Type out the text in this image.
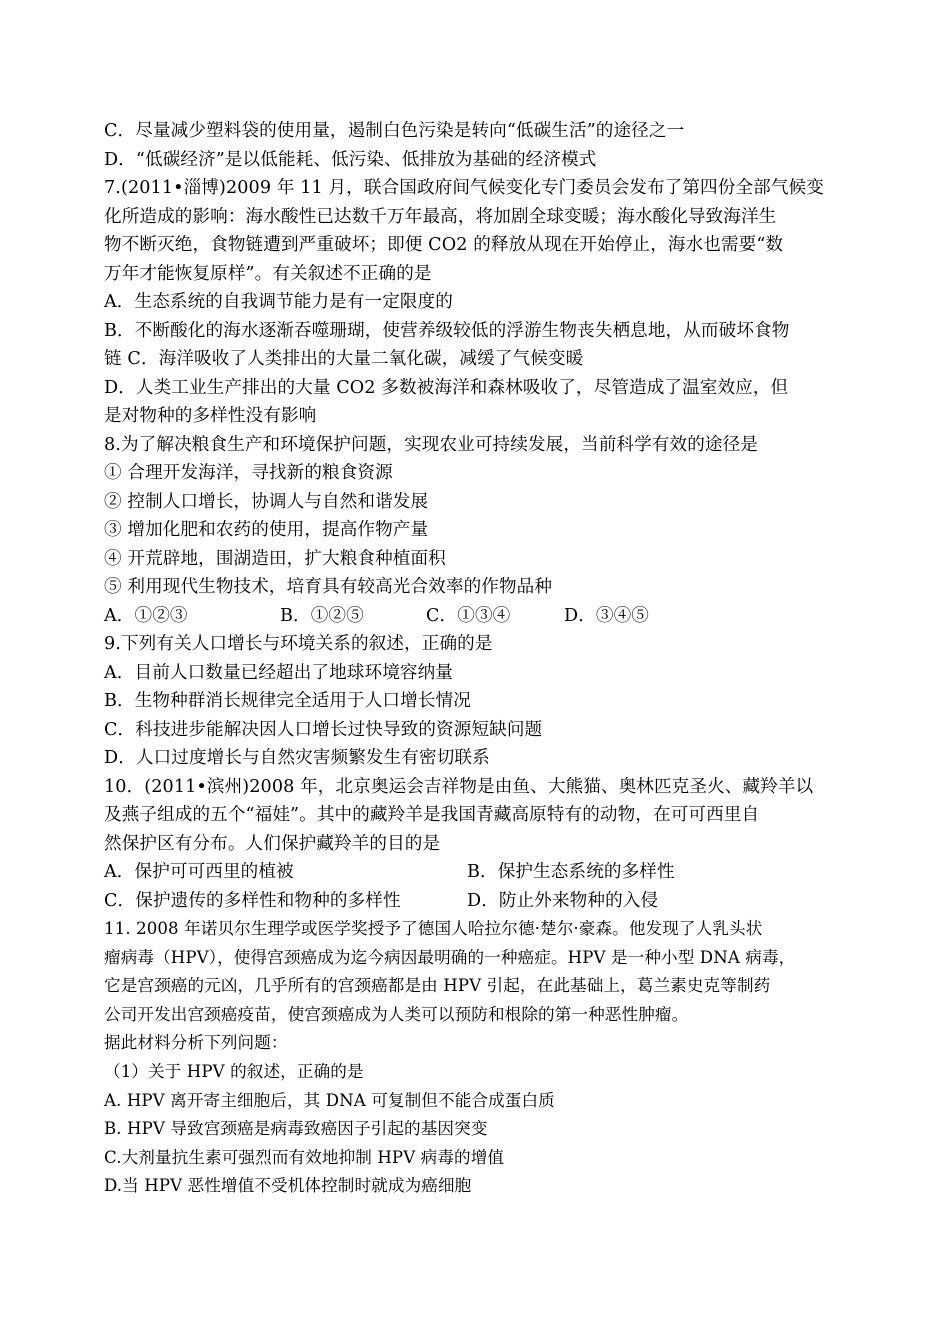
C．尽量减少塑料袋的使用量，遏制白色污染是转向“低碳生活”的途径之一
D．“低碳经济”是以低能耗、低污染、低排放为基础的经济模式
7.(2011•淄博)2009 年 11 月，联合国政府间气候变化专门委员会发布了第四份全部气候变
化所造成的影响：海水酸性已达数千万年最高，将加剧全球变暖；海水酸化导致海洋生
物不断灭绝，食物链遭到严重破坏；即便 CO2 的释放从现在开始停止，海水也需要“数
万年才能恢复原样”。有关叙述不正确的是
A．生态系统的自我调节能力是有一定限度的
B．不断酸化的海水逐渐吞噬珊瑚，使营养级较低的浮游生物丧失栖息地，从而破坏食物
链 C．海洋吸收了人类排出的大量二氧化碳，减缓了气候变暖
D．人类工业生产排出的大量 CO2 多数被海洋和森林吸收了，尽管造成了温室效应，但
是对物种的多样性没有影响
8.为了解决粮食生产和环境保护问题，实现农业可持续发展，当前科学有效的途径是
① 合理开发海洋，寻找新的粮食资源
② 控制人口增长，协调人与自然和谐发展
③ 增加化肥和农药的使用，提高作物产量
④ 开荒辟地，围湖造田，扩大粮食种植面积
⑤ 利用现代生物技术，培育具有较高光合效率的作物品种
A．①②③	B．①②⑤	C．①③④	D．③④⑤
9.下列有关人口增长与环境关系的叙述，正确的是
A．目前人口数量已经超出了地球环境容纳量
B．生物种群消长规律完全适用于人口增长情况
C．科技进步能解决因人口增长过快导致的资源短缺问题
D．人口过度增长与自然灾害频繁发生有密切联系
10．(2011•滨州)2008 年，北京奥运会吉祥物是由鱼、大熊猫、奥林匹克圣火、藏羚羊以
及燕子组成的五个“福娃”。其中的藏羚羊是我国青藏高原特有的动物，在可可西里自
然保护区有分布。人们保护藏羚羊的目的是
A．保护可可西里的植被	B．保护生态系统的多样性
C．保护遗传的多样性和物种的多样性	D．防止外来物种的入侵
11. 2008 年诺贝尔生理学或医学奖授予了德国人哈拉尔德·楚尔·豪森。他发现了人乳头状
瘤病毒（HPV），使得宫颈癌成为迄今病因最明确的一种癌症。HPV 是一种小型 DNA 病毒，
它是宫颈癌的元凶，几乎所有的宫颈癌都是由 HPV 引起，在此基础上，葛兰素史克等制药
公司开发出宫颈癌疫苗，使宫颈癌成为人类可以预防和根除的第一种恶性肿瘤。
据此材料分析下列问题：
（1）关于 HPV 的叙述，正确的是
A. HPV 离开寄主细胞后，其 DNA 可复制但不能合成蛋白质
B. HPV 导致宫颈癌是病毒致癌因子引起的基因突变
C.大剂量抗生素可强烈而有效地抑制 HPV 病毒的增值
D.当 HPV 恶性增值不受机体控制时就成为癌细胞
